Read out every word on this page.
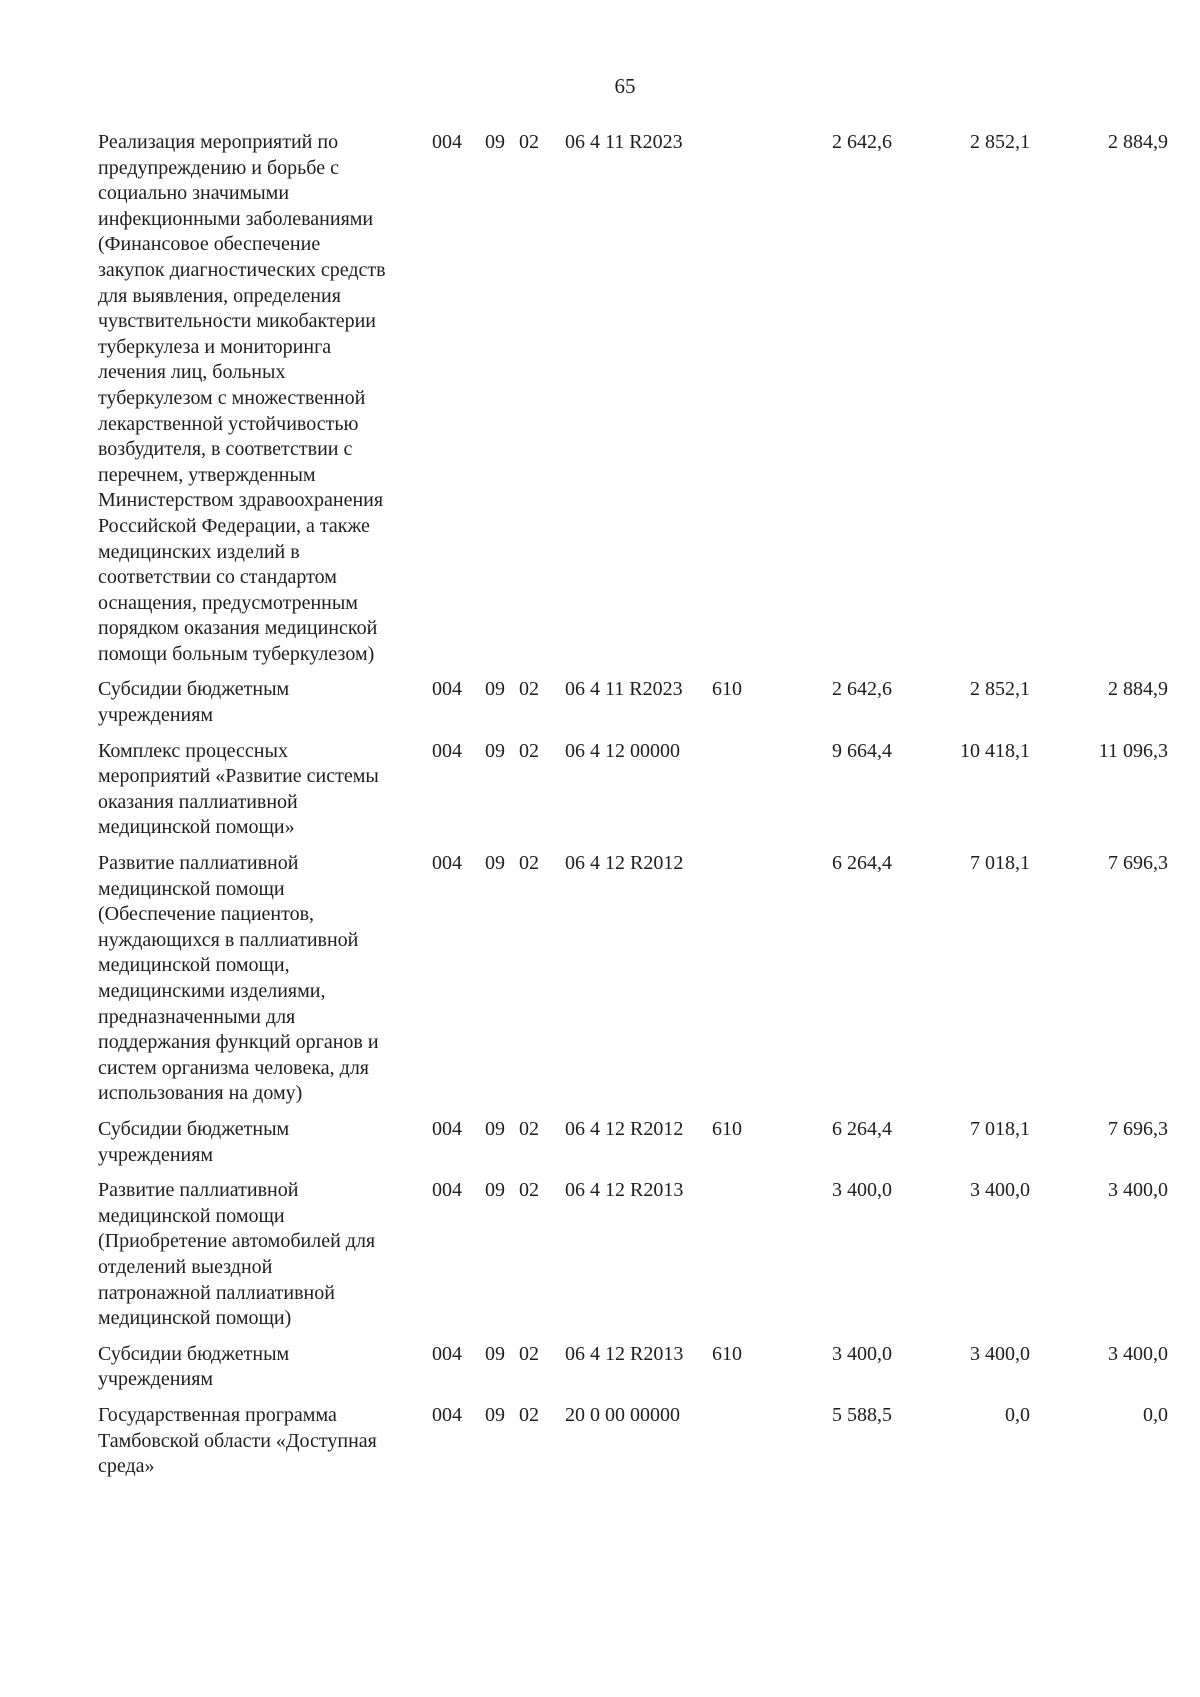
65
Реализация мероприятий по
предупреждению и борьбе с
социально значимыми
инфекционными заболеваниями
(Финансовое обеспечение
закупок диагностических средств
для выявления, определения
чувствительности микобактерии
туберкулеза и мониторинга
лечения лиц, больных
туберкулезом с множественной
лекарственной устойчивостью
возбудителя, в соответствии с
перечнем, утвержденным
Министерством здравоохранения
Российской Федерации, а также
медицинских изделий в
соответствии со стандартом
оснащения, предусмотренным
порядком оказания медицинской
помощи больным туберкулезом)
004 09 02 06 4 11 R2023	2 642,6	2 852,1	2 884,9
Субсидии бюджетным
учреждениям
004 09 02 06 4 11 R2023 610	2 642,6	2 852,1	2 884,9
Комплекс процессных
мероприятий «Развитие системы
оказания паллиативной
медицинской помощи»
004 09 02 06 4 12 00000	9 664,4	10 418,1	11 096,3
Развитие паллиативной
медицинской помощи
(Обеспечение пациентов,
нуждающихся в паллиативной
медицинской помощи,
медицинскими изделиями,
предназначенными для
поддержания функций органов и
систем организма человека, для
использования на дому)
004 09 02 06 4 12 R2012	6 264,4	7 018,1	7 696,3
Субсидии бюджетным
учреждениям
004 09 02 06 4 12 R2012 610	6 264,4	7 018,1	7 696,3
Развитие паллиативной
медицинской помощи
(Приобретение автомобилей для
отделений выездной
патронажной паллиативной
медицинской помощи)
004 09 02 06 4 12 R2013	3 400,0	3 400,0	3 400,0
Субсидии бюджетным
учреждениям
004 09 02 06 4 12 R2013 610	3 400,0	3 400,0	3 400,0
Государственная программа
Тамбовской области «Доступная
среда»
004 09 02 20 0 00 00000	5 588,5	0,0	0,0
